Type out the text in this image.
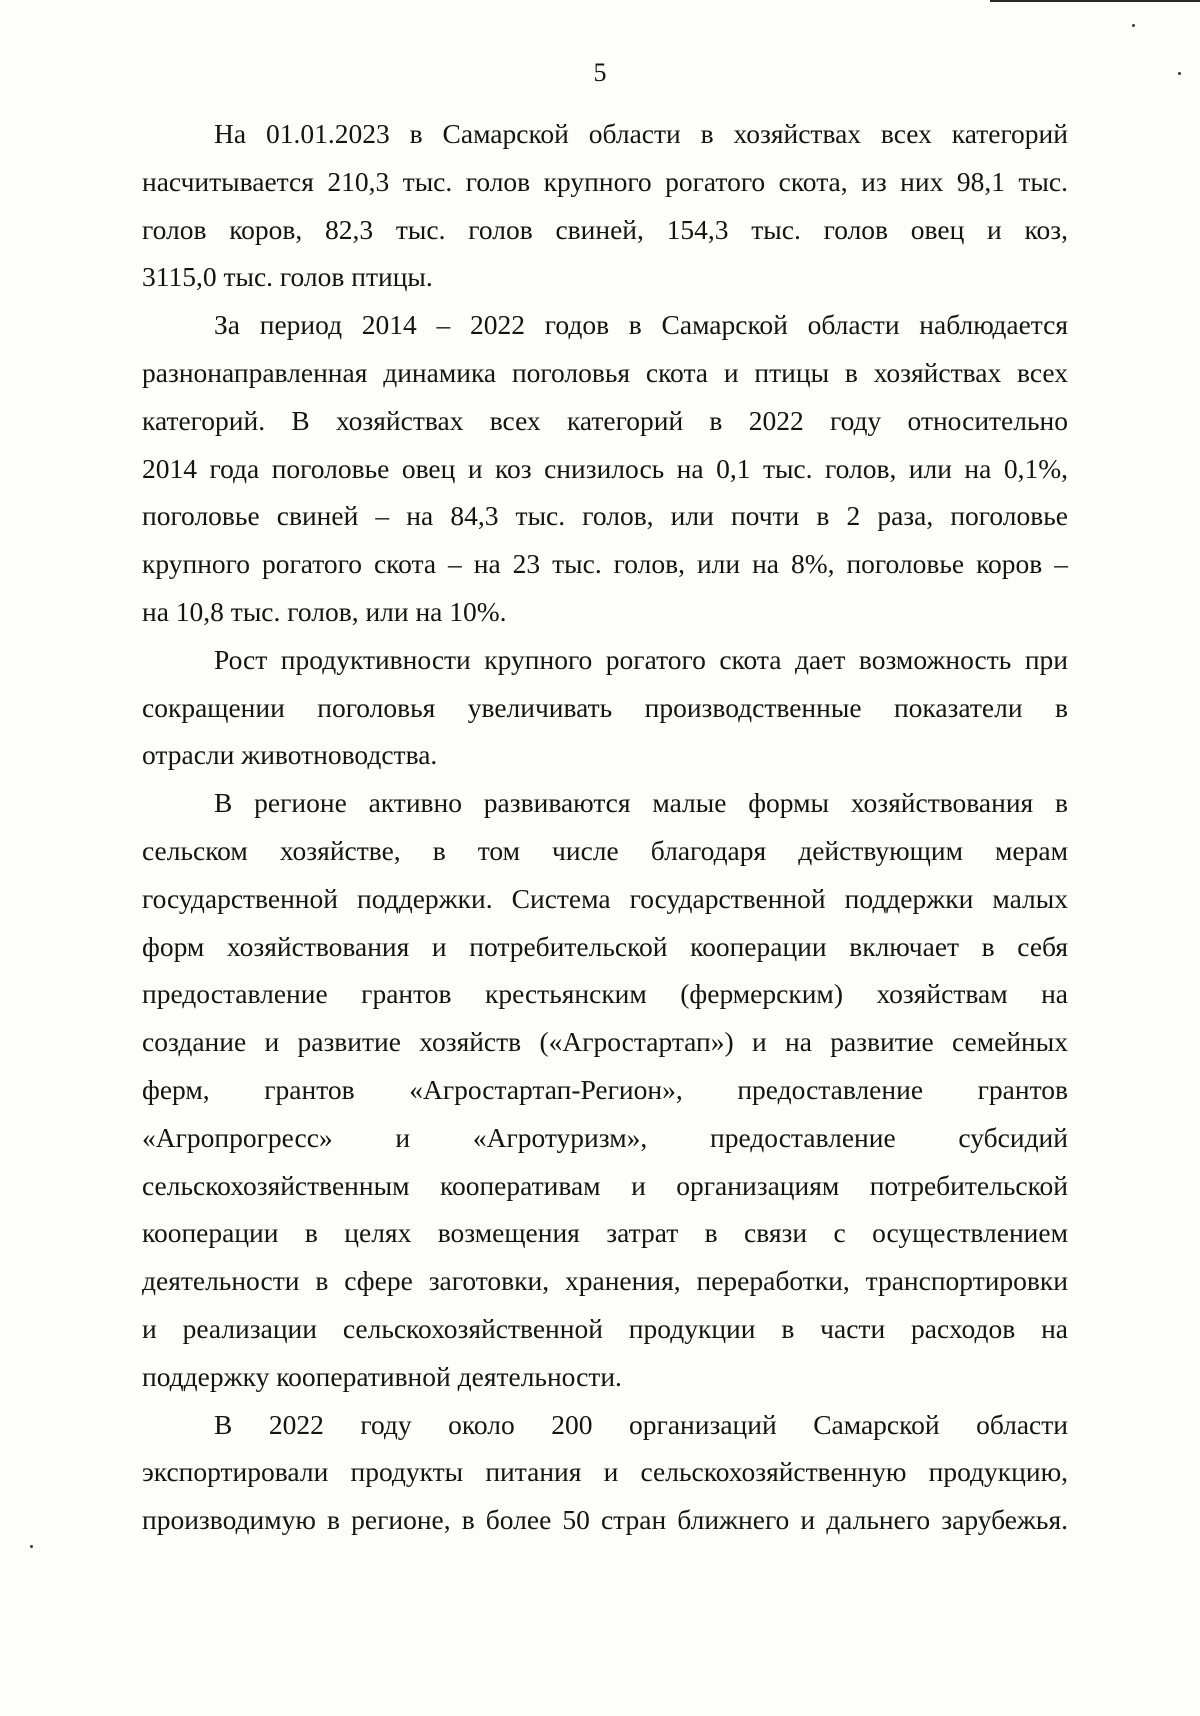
5

На 01.01.2023 в Самарской области в хозяйствах всех категорий
насчитывается 210,3 тыс. голов крупного рогатого скота, из них 98,1 тыс.
голов коров, 82,3 тыс. голов свиней, 154,3 тыс. голов овец и коз,
3115,0 тыс. голов птицы.

За период 2014 – 2022 годов в Самарской области наблюдается
разнонаправленная динамика поголовья скота и птицы в хозяйствах всех
категорий. В хозяйствах всех категорий в 2022 году относительно
2014 года поголовье овец и коз снизилось на 0,1 тыс. голов, или на 0,1%,
поголовье свиней – на 84,3 тыс. голов, или почти в 2 раза, поголовье
крупного рогатого скота – на 23 тыс. голов, или на 8%, поголовье коров –
на 10,8 тыс. голов, или на 10%.

Рост продуктивности крупного рогатого скота дает возможность при
сокращении поголовья увеличивать производственные показатели в
отрасли животноводства.

В регионе активно развиваются малые формы хозяйствования в
сельском хозяйстве, в том числе благодаря действующим мерам
государственной поддержки. Система государственной поддержки малых
форм хозяйствования и потребительской кооперации включает в себя
предоставление грантов крестьянским (фермерским) хозяйствам на
создание и развитие хозяйств («Агростартап») и на развитие семейных
ферм, грантов «Агростартап-Регион», предоставление грантов
«Агропрогресс» и «Агротуризм», предоставление субсидий
сельскохозяйственным кооперативам и организациям потребительской
кооперации в целях возмещения затрат в связи с осуществлением
деятельности в сфере заготовки, хранения, переработки, транспортировки
и реализации сельскохозяйственной продукции в части расходов на
поддержку кооперативной деятельности.

В 2022 году около 200 организаций Самарской области
экспортировали продукты питания и сельскохозяйственную продукцию,
производимую в регионе, в более 50 стран ближнего и дальнего зарубежья.
